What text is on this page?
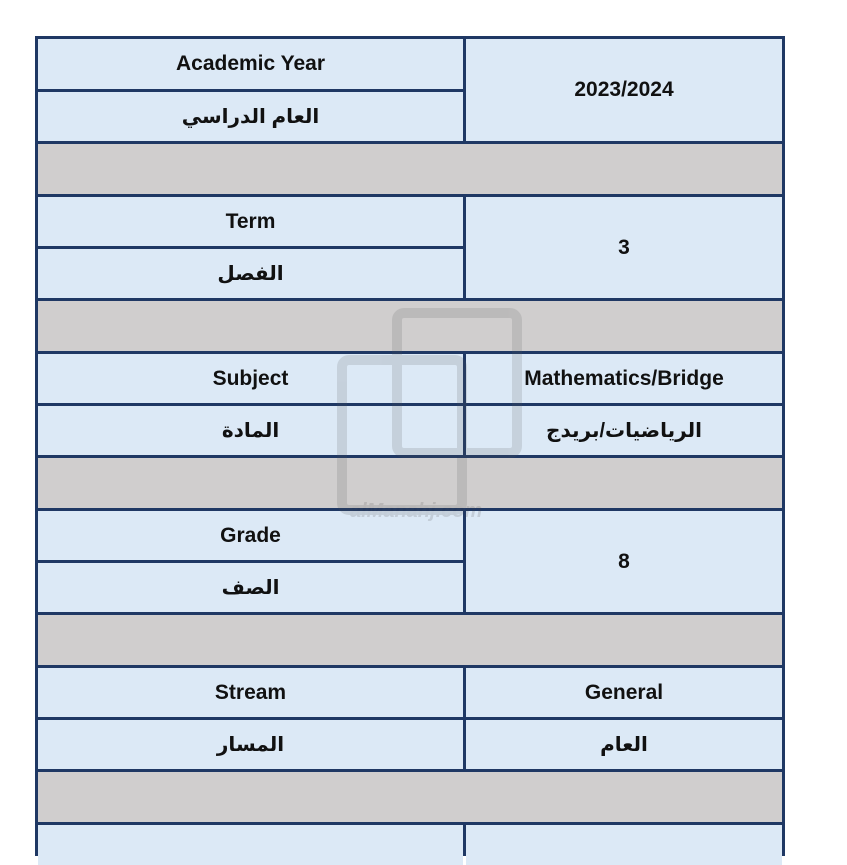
Academic Year
العام الدراسي
2023/2024
Term
الفصل
3
Subject
المادة
Mathematics/Bridge
الرياضيات/بريدج
Grade
الصف
8
Stream
المسار
General
العام
